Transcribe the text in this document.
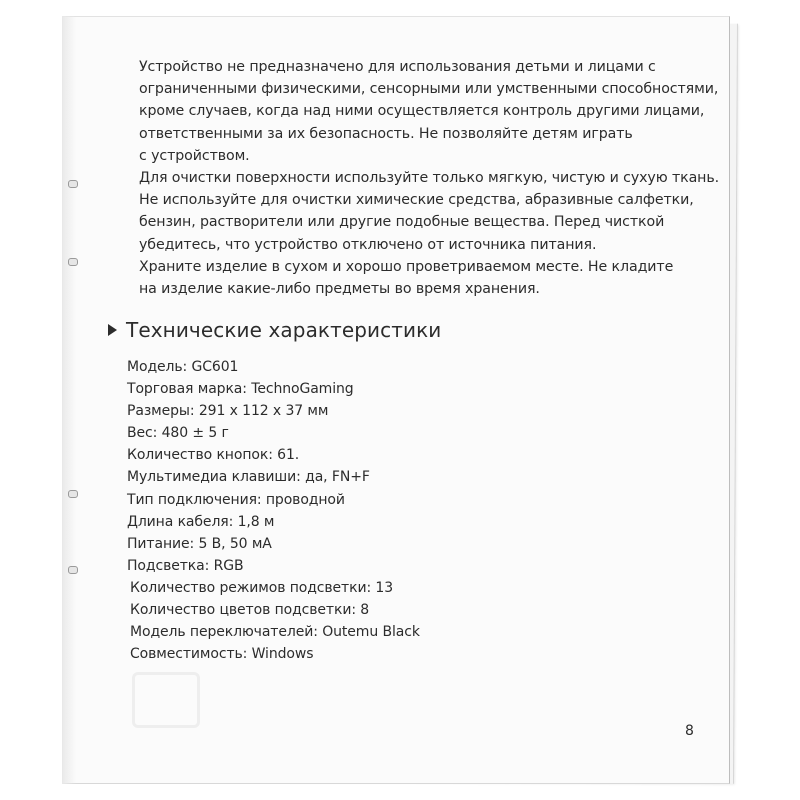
Устройство не предназначено для использования детьми и лицами с
ограниченными физическими, сенсорными или умственными способностями,
кроме случаев, когда над ними осуществляется контроль другими лицами,
ответственными за их безопасность. Не позволяйте детям играть
с устройством.
Для очистки поверхности используйте только мягкую, чистую и сухую ткань.
Не используйте для очистки химические средства, абразивные салфетки,
бензин, растворители или другие подобные вещества. Перед чисткой
убедитесь, что устройство отключено от источника питания.
Храните изделие в сухом и хорошо проветриваемом месте. Не кладите
на изделие какие-либо предметы во время хранения.
Технические характеристики
Модель: GC601
Торговая марка: TechnoGaming
Размеры: 291 x 112 x 37 мм
Вес: 480 ± 5 г
Количество кнопок: 61.
Мультимедиа клавиши: да, FN+F
Тип подключения: проводной
Длина кабеля: 1,8 м
Питание: 5 В, 50 мА
Подсветка: RGB
Количество режимов подсветки: 13
Количество цветов подсветки: 8
Модель переключателей: Outemu Black
Совместимость: Windows
8
